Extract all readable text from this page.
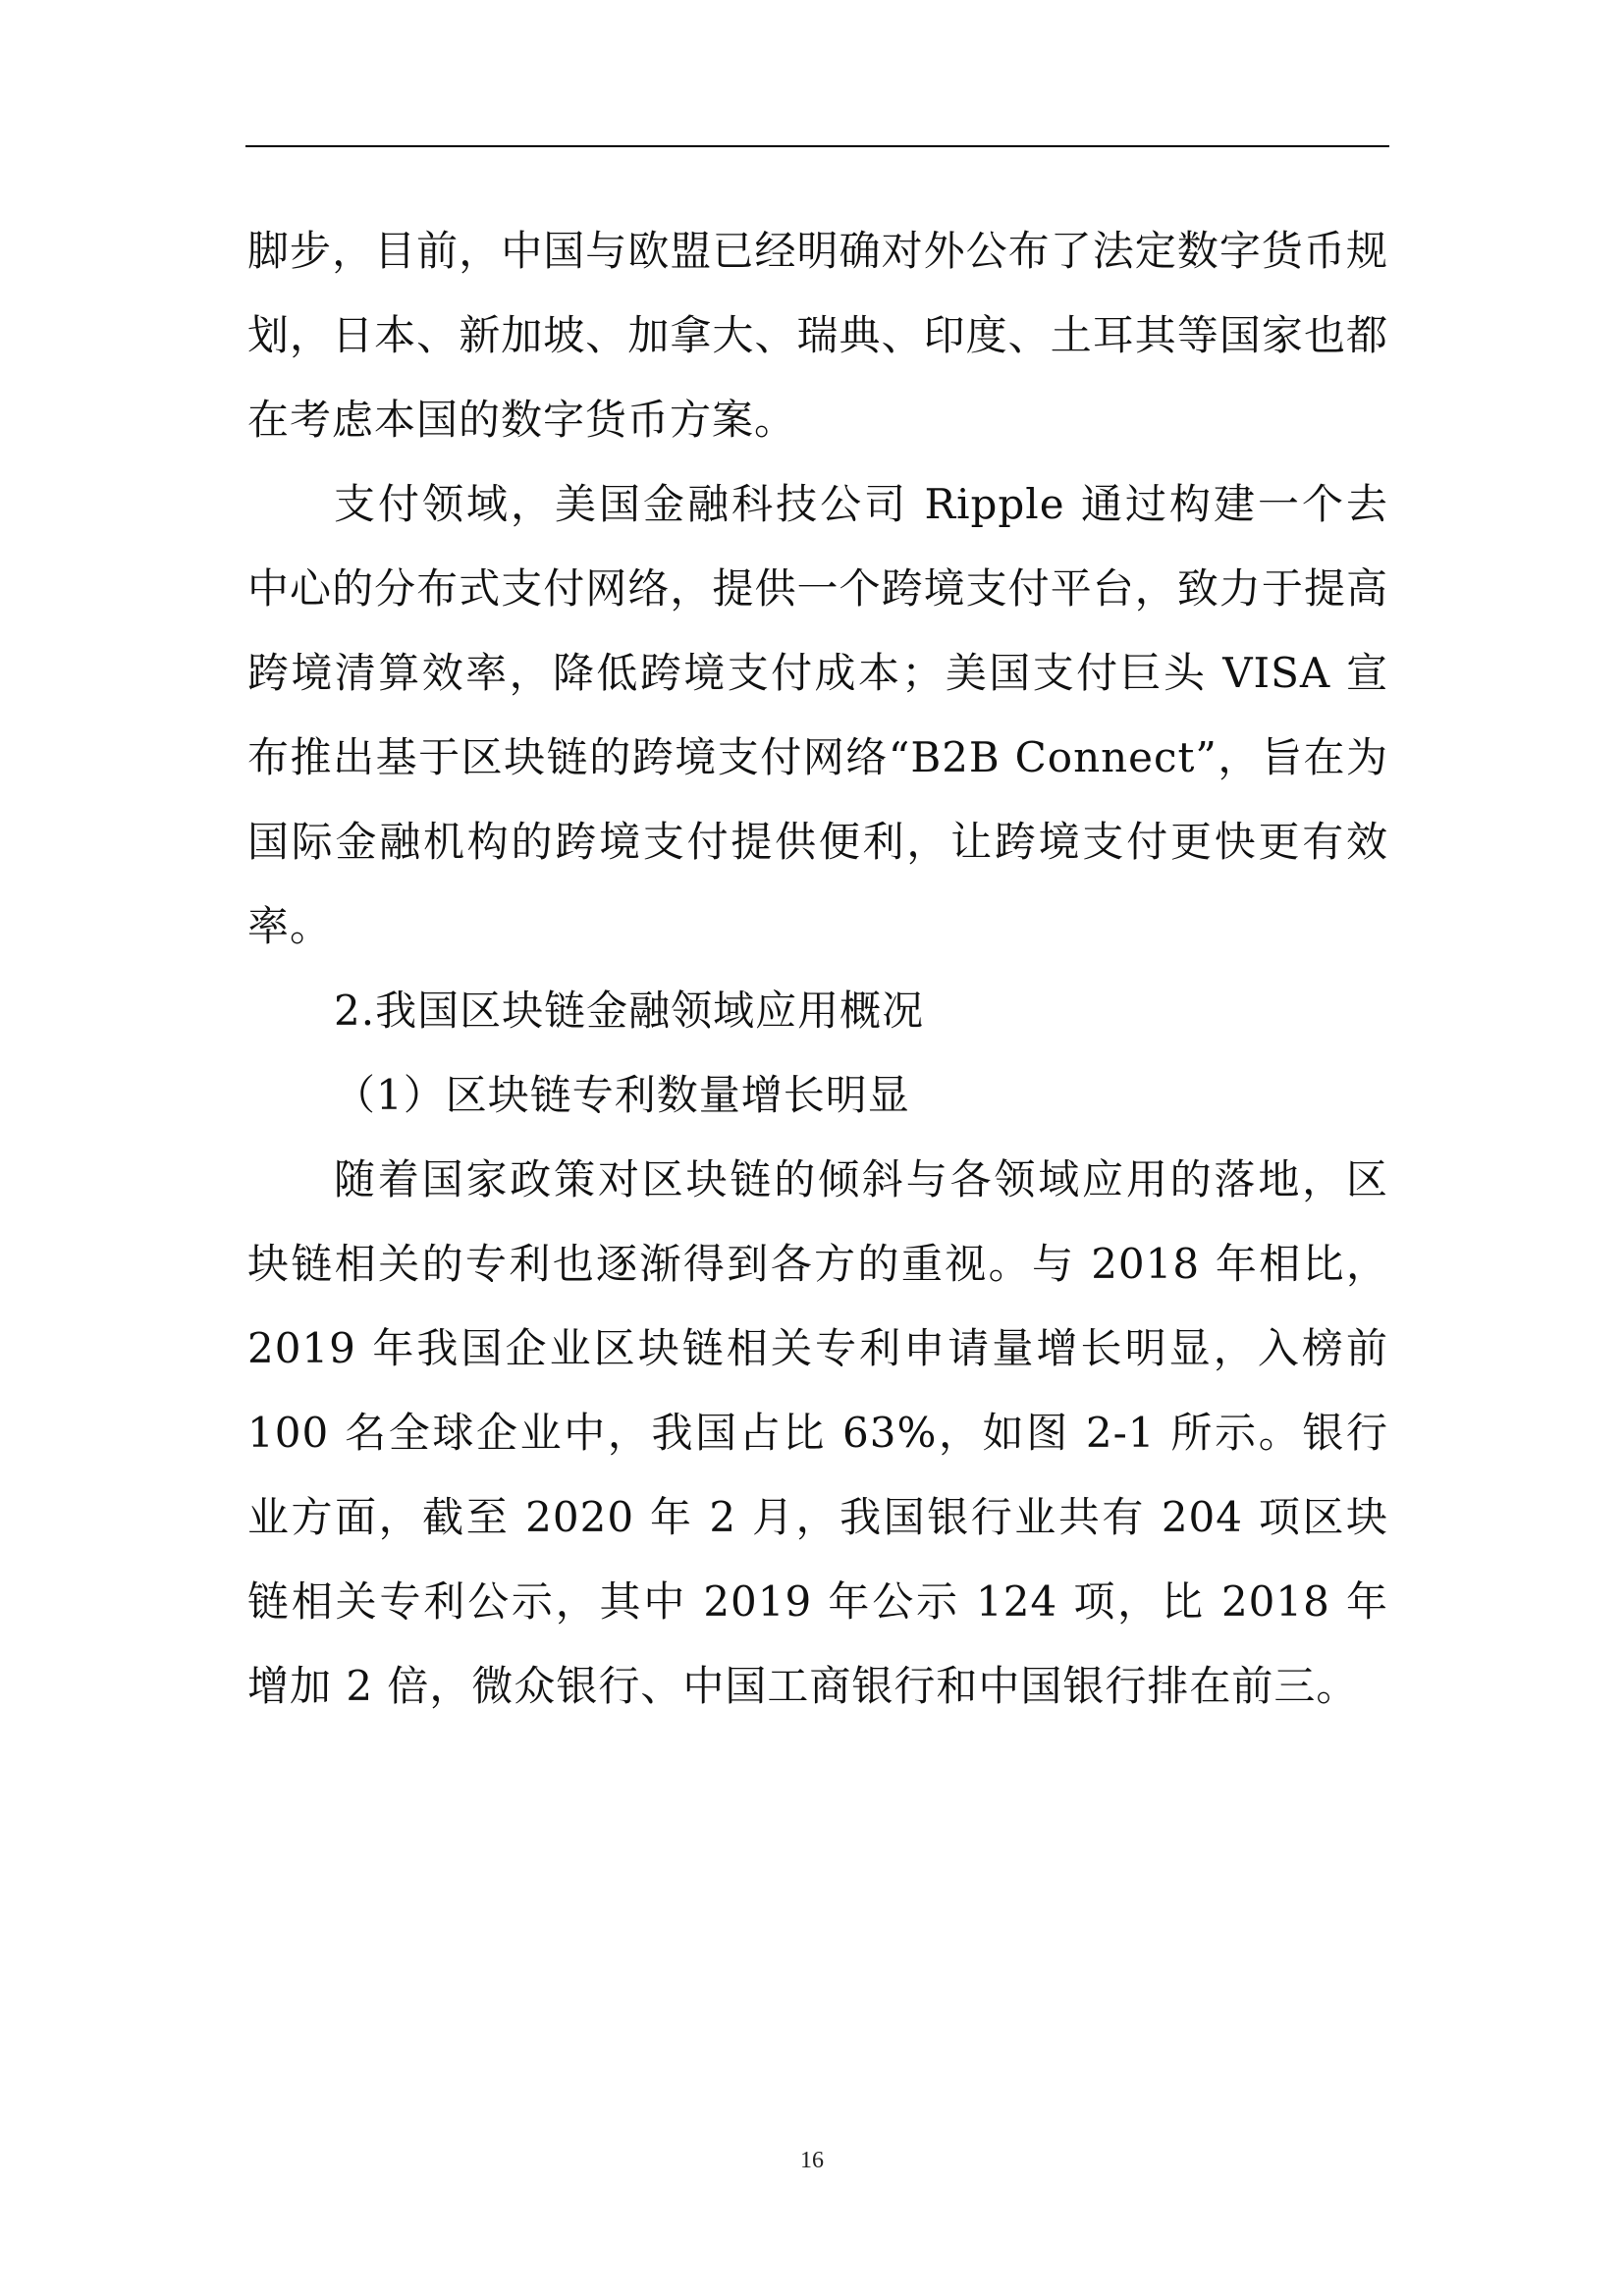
脚步，目前，中国与欧盟已经明确对外公布了法定数字货币规划，日本、新加坡、加拿大、瑞典、印度、土耳其等国家也都在考虑本国的数字货币方案。

支付领域，美国金融科技公司 Ripple 通过构建一个去中心的分布式支付网络，提供一个跨境支付平台，致力于提高跨境清算效率，降低跨境支付成本；美国支付巨头 VISA 宣布推出基于区块链的跨境支付网络“B2B Connect”，旨在为国际金融机构的跨境支付提供便利，让跨境支付更快更有效率。

2.我国区块链金融领域应用概况

（1）区块链专利数量增长明显

随着国家政策对区块链的倾斜与各领域应用的落地，区块链相关的专利也逐渐得到各方的重视。与 2018 年相比，2019 年我国企业区块链相关专利申请量增长明显，入榜前 100 名全球企业中，我国占比 63%，如图 2-1 所示。银行业方面，截至 2020 年 2 月，我国银行业共有 204 项区块链相关专利公示，其中 2019 年公示 124 项，比 2018 年增加 2 倍，微众银行、中国工商银行和中国银行排在前三。

16
